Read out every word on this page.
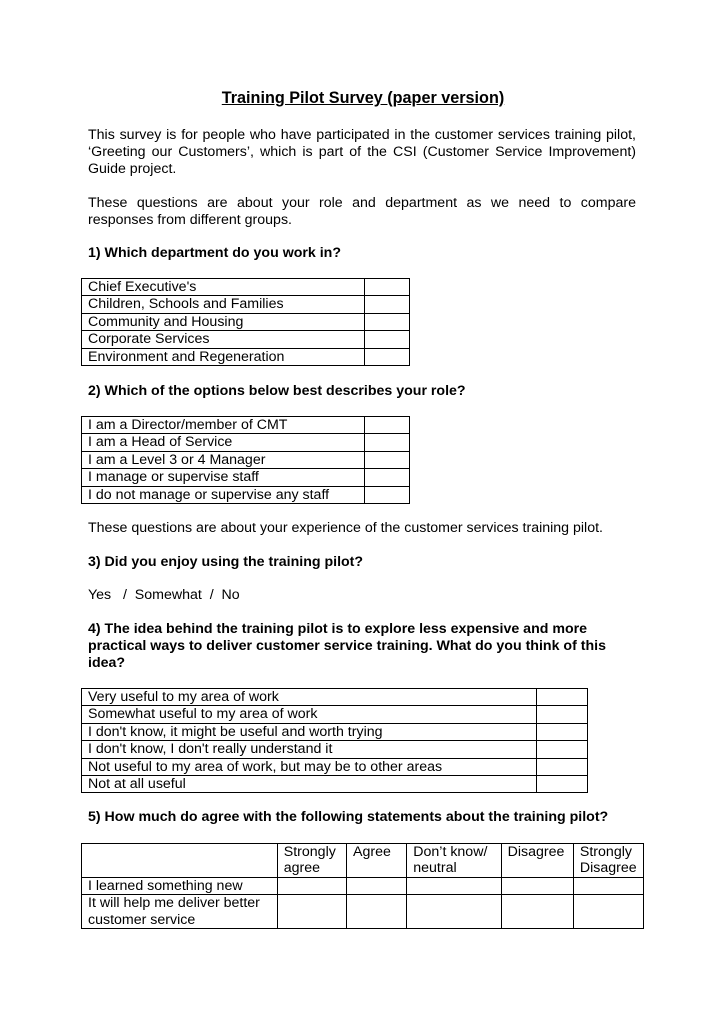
Training Pilot Survey (paper version)

This survey is for people who have participated in the customer services training pilot, ‘Greeting our Customers’, which is part of the CSI (Customer Service Improvement) Guide project.

These questions are about your role and department as we need to compare responses from different groups.

1) Which department do you work in?

Chief Executive's	
Children, Schools and Families	
Community and Housing	
Corporate Services	
Environment and Regeneration	

2) Which of the options below best describes your role?

I am a Director/member of CMT	
I am a Head of Service	
I am a Level 3 or 4 Manager	
I manage or supervise staff	
I do not manage or supervise any staff	

These questions are about your experience of the customer services training pilot.

3) Did you enjoy using the training pilot?

Yes   /  Somewhat  /  No

4) The idea behind the training pilot is to explore less expensive and more practical ways to deliver customer service training. What do you think of this idea?

Very useful to my area of work	
Somewhat useful to my area of work	
I don't know, it might be useful and worth trying	
I don't know, I don't really understand it	
Not useful to my area of work, but may be to other areas	
Not at all useful	

5) How much do agree with the following statements about the training pilot?

	Strongly agree	Agree	Don’t know/ neutral	Disagree	Strongly Disagree
I learned something new					
It will help me deliver better customer service					
